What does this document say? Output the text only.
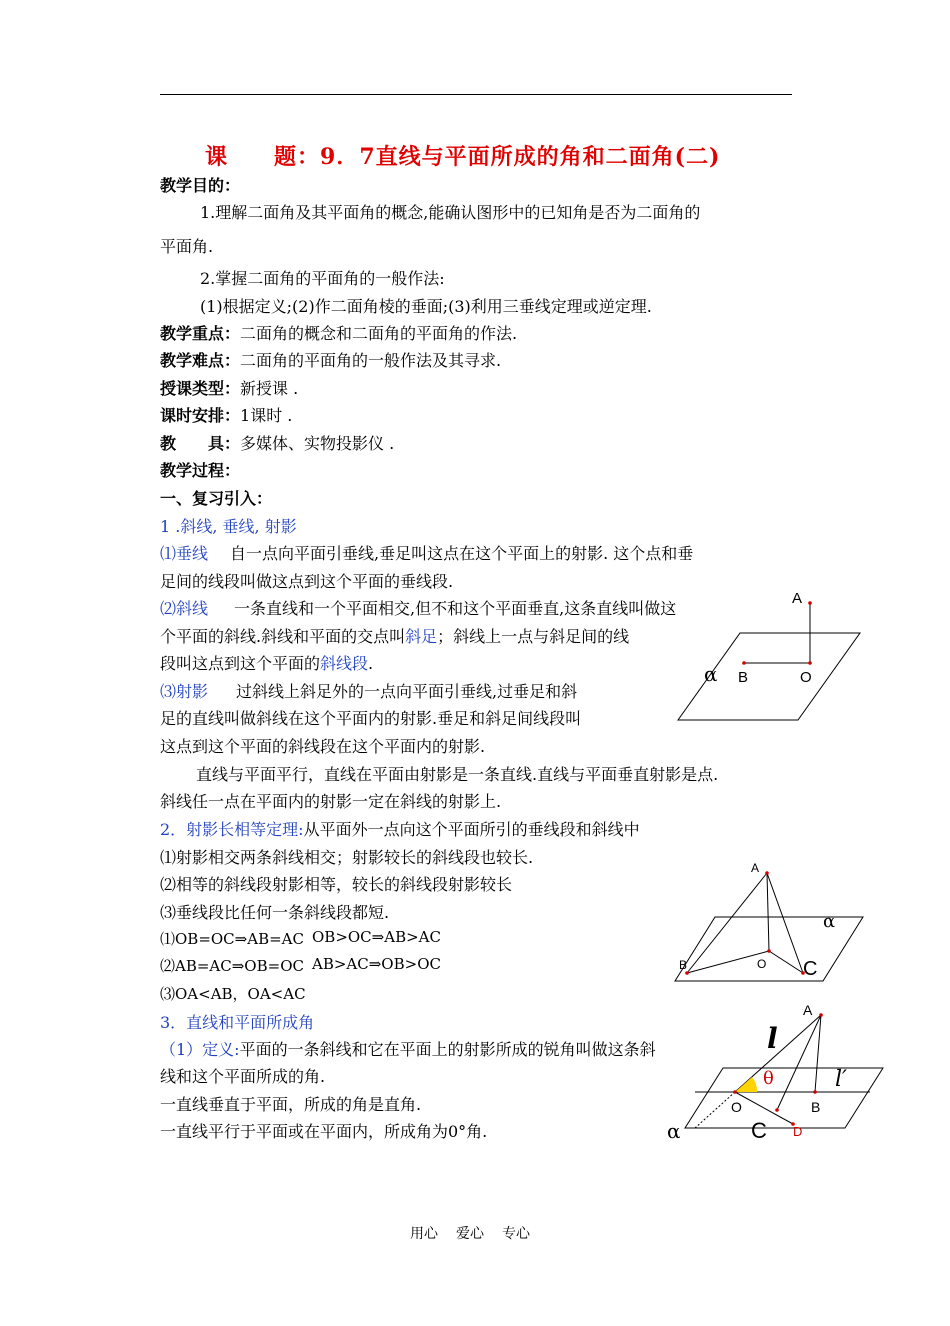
课 题：9．7直线与平面所成的角和二面角(二)
教学目的：
1.理解二面角及其平面角的概念,能确认图形中的已知角是否为二面角的
平面角.
2.掌握二面角的平面角的一般作法:
(1)根据定义;(2)作二面角棱的垂面;(3)利用三垂线定理或逆定理.
教学重点：二面角的概念和二面角的平面角的作法.
教学难点：二面角的平面角的一般作法及其寻求.
授课类型：新授课 .
课时安排：1课时 .
教　　具：多媒体、实物投影仪 .
教学过程：
一、复习引入：
1 .斜线, 垂线, 射影
⑴垂线 自一点向平面引垂线,垂足叫这点在这个平面上的射影. 这个点和垂
足间的线段叫做这点到这个平面的垂线段.
⑵斜线 一条直线和一个平面相交,但不和这个平面垂直,这条直线叫做这
个平面的斜线.斜线和平面的交点叫斜足；斜线上一点与斜足间的线
段叫这点到这个平面的斜线段.
⑶射影 过斜线上斜足外的一点向平面引垂线,过垂足和斜
足的直线叫做斜线在这个平面内的射影.垂足和斜足间线段叫
这点到这个平面的斜线段在这个平面内的射影.
直线与平面平行，直线在平面由射影是一条直线.直线与平面垂直射影是点.
斜线任一点在平面内的射影一定在斜线的射影上.
2．射影长相等定理:从平面外一点向这个平面所引的垂线段和斜线中
⑴射影相交两条斜线相交；射影较长的斜线段也较长.
⑵相等的斜线段射影相等，较长的斜线段射影较长
⑶垂线段比任何一条斜线段都短.
⑴OB=OC⇒AB=AC OB>OC⇒AB>AC
⑵AB=AC⇒OB=OC AB>AC⇒OB>OC
⑶OA<AB，OA<AC
3．直线和平面所成角
（1）定义:平面的一条斜线和它在平面上的射影所成的锐角叫做这条斜
线和这个平面所成的角.
一直线垂直于平面，所成的角是直角.
一直线平行于平面或在平面内，所成角为0°角.
A
B	O
α
A
B	O C
α
A
l
l′
θ
O	B
C D
α
用心 爱心 专心
